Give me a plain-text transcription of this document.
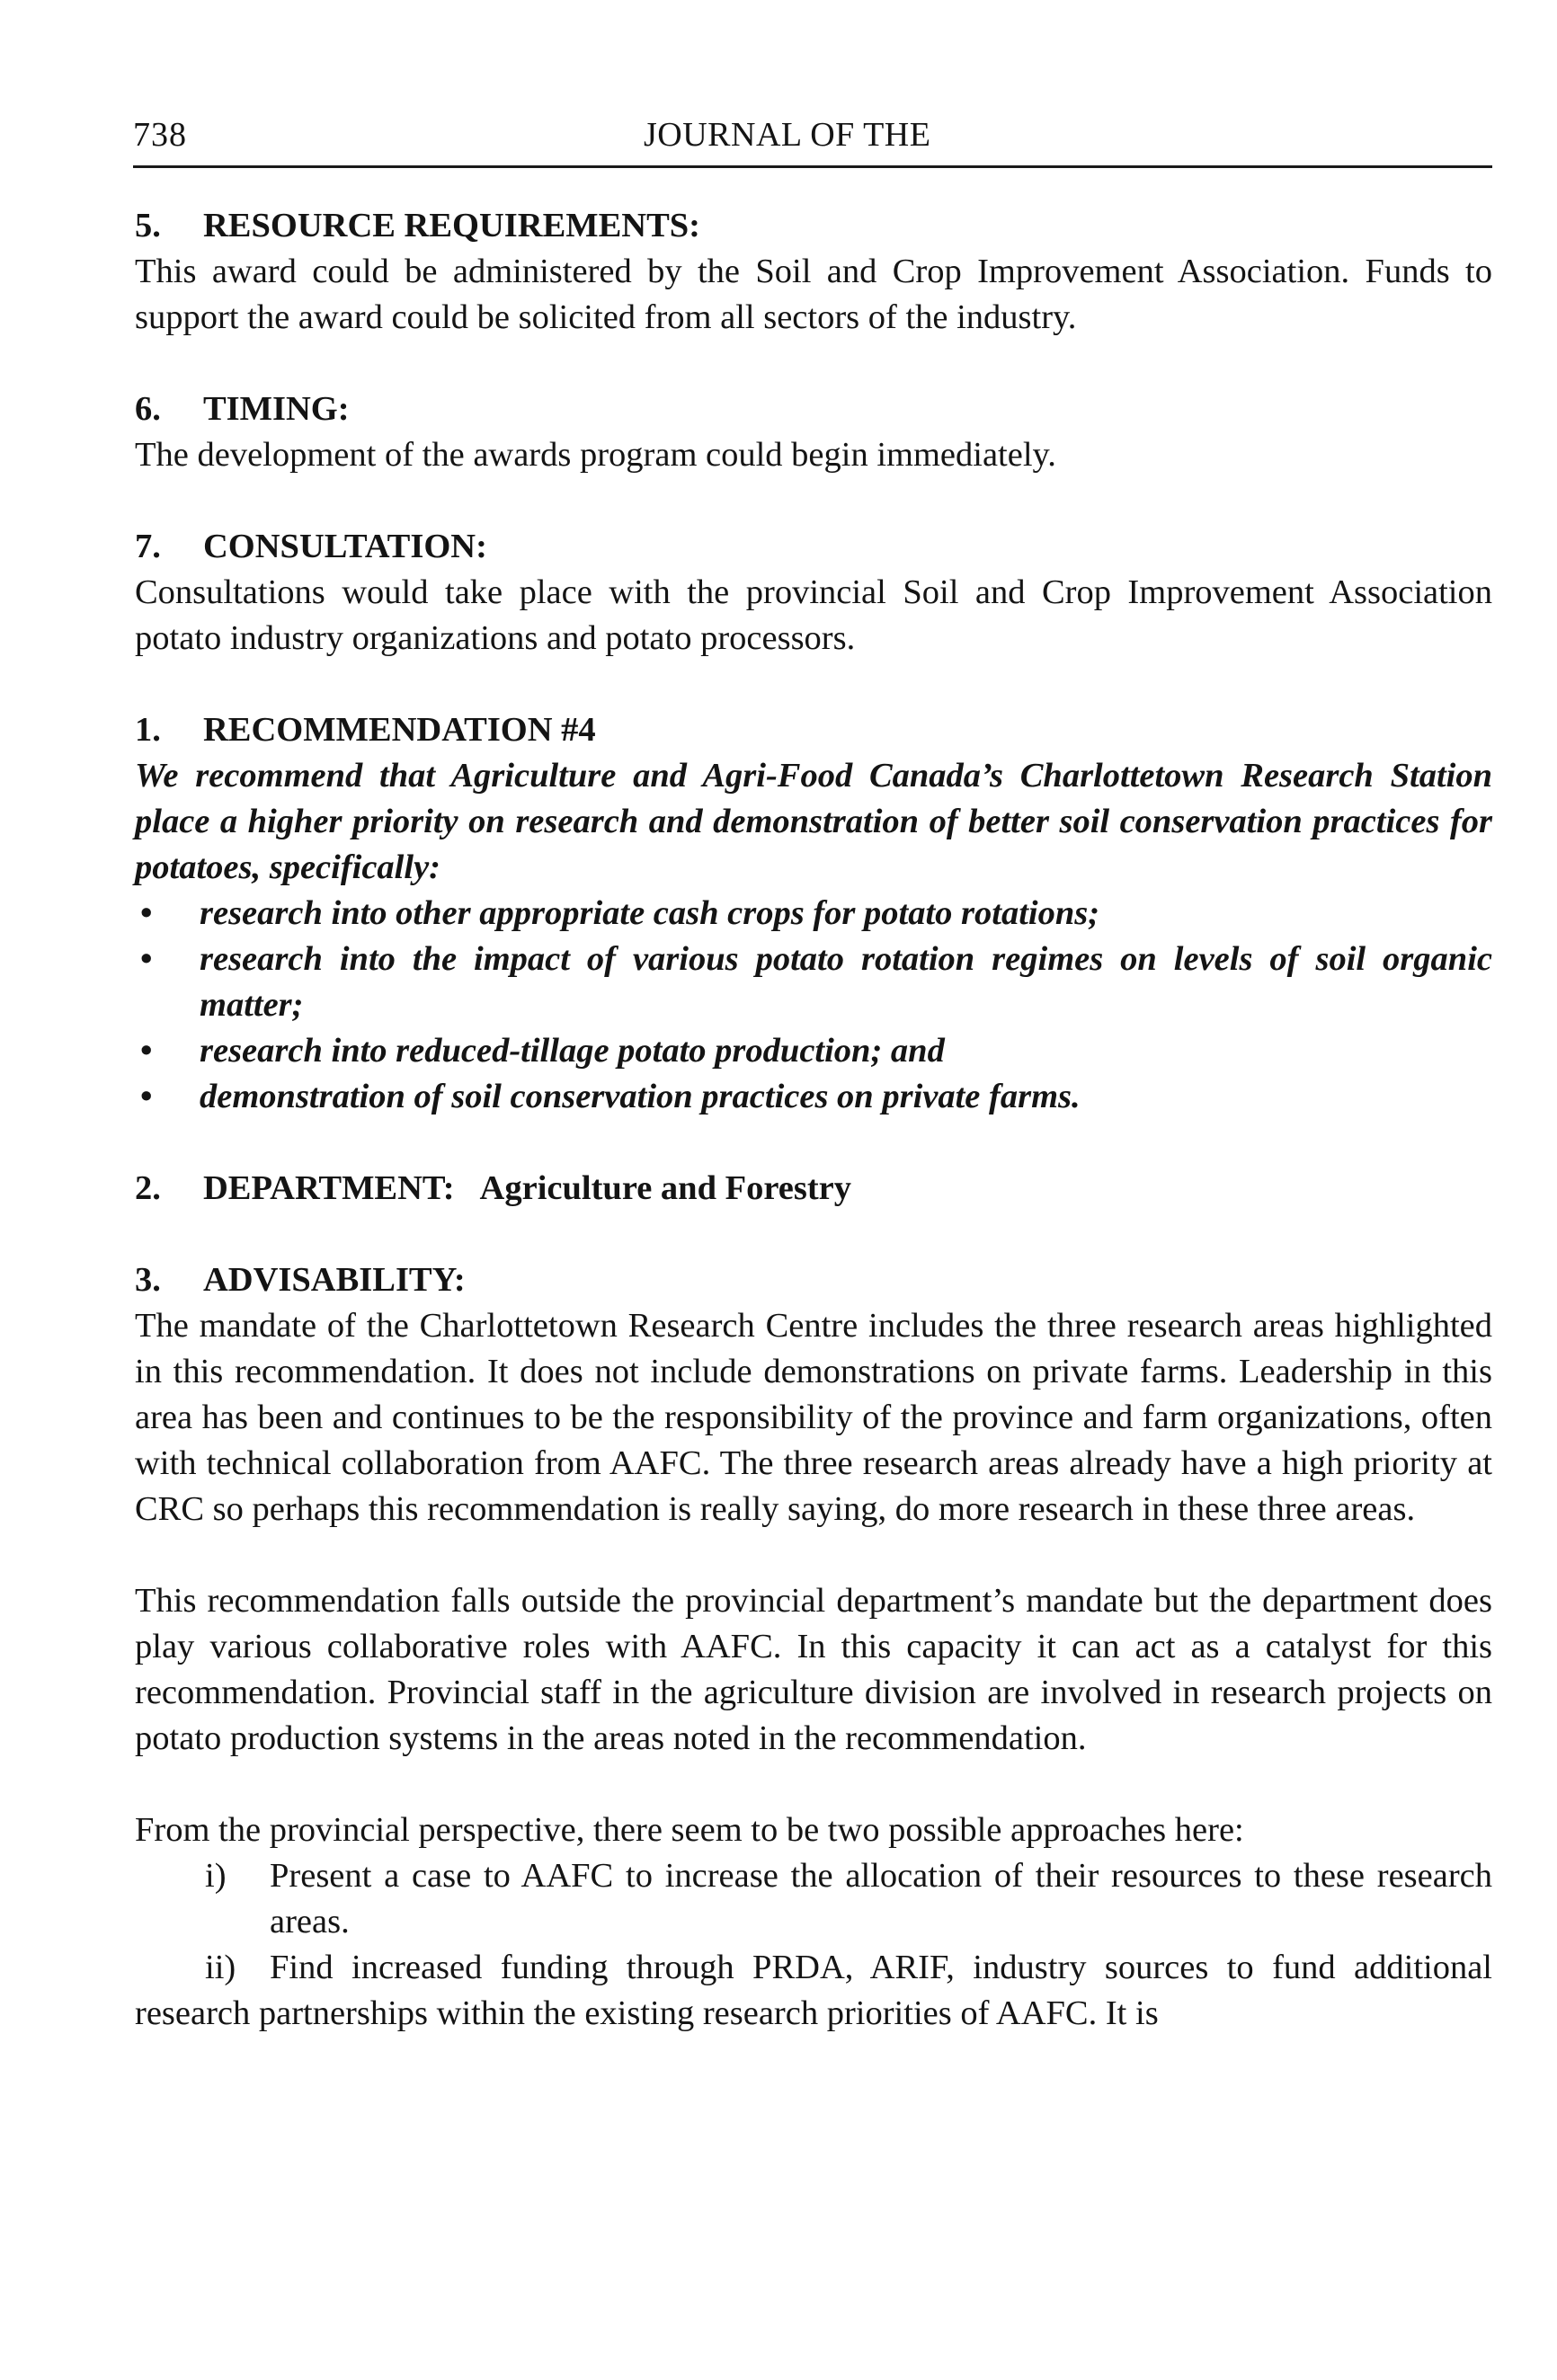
738	JOURNAL OF THE
5. RESOURCE REQUIREMENTS:

This award could be administered by the Soil and Crop Improvement Association. Funds to support the award could be solicited from all sectors of the industry.

6. TIMING:

The development of the awards program could begin immediately.

7. CONSULTATION:

Consultations would take place with the provincial Soil and Crop Improvement Association potato industry organizations and potato processors.

1. RECOMMENDATION #4
We recommend that Agriculture and Agri-Food Canada’s Charlottetown Research Station place a higher priority on research and demonstration of better soil conservation practices for potatoes, specifically:
• research into other appropriate cash crops for potato rotations;
• research into the impact of various potato rotation regimes on levels of soil organic matter;
• research into reduced-tillage potato production; and
• demonstration of soil conservation practices on private farms.
2. DEPARTMENT: Agriculture and Forestry
3. ADVISABILITY:

The mandate of the Charlottetown Research Centre includes the three research areas highlighted in this recommendation. It does not include demonstrations on private farms. Leadership in this area has been and continues to be the responsibility of the province and farm organizations, often with technical collaboration from AAFC. The three research areas already have a high priority at CRC so perhaps this recommendation is really saying, do more research in these three areas.

This recommendation falls outside the provincial department’s mandate but the department does play various collaborative roles with AAFC. In this capacity it can act as a catalyst for this recommendation. Provincial staff in the agriculture division are involved in research projects on potato production systems in the areas noted in the recommendation.

From the provincial perspective, there seem to be two possible approaches here:

i) Present a case to AAFC to increase the allocation of their resources to these research areas.
ii) Find increased funding through PRDA, ARIF, industry sources to fund additional research partnerships within the existing research priorities of AAFC. It is
